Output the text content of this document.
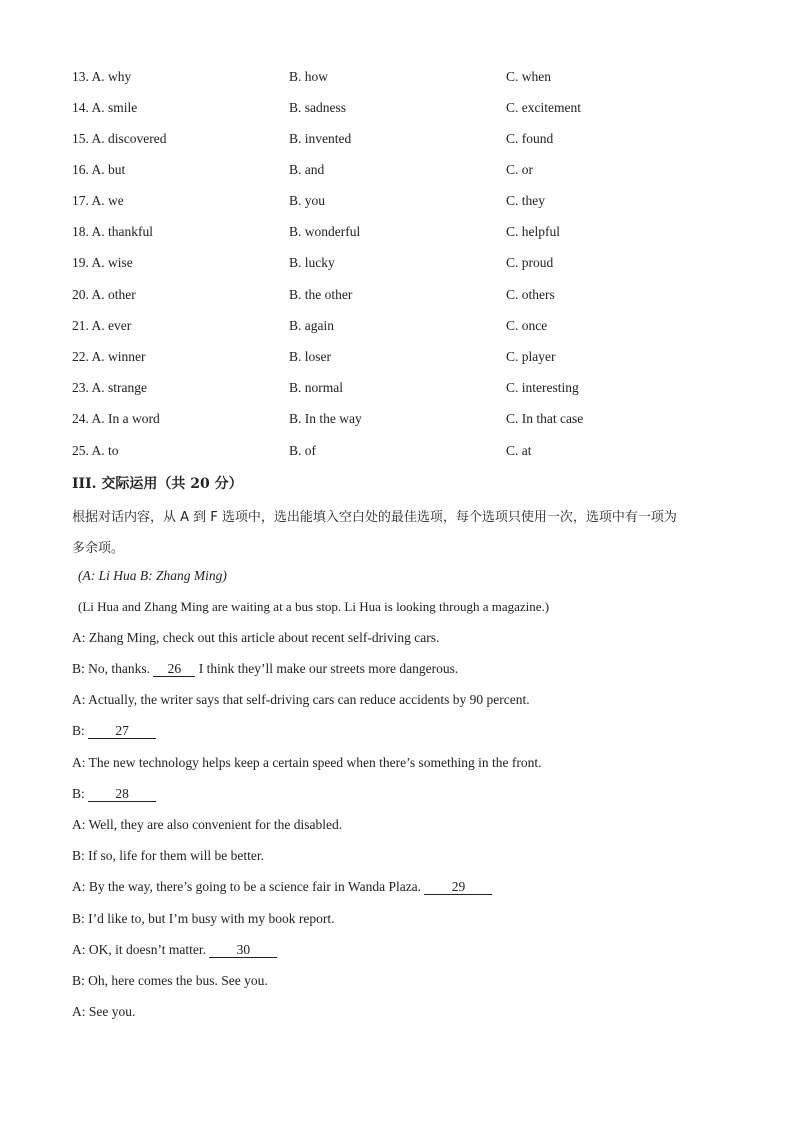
13. A. why	B. how	C. when
14. A. smile	B. sadness	C. excitement
15. A. discovered	B. invented	C. found
16. A. but	B. and	C. or
17. A. we	B. you	C. they
18. A. thankful	B. wonderful	C. helpful
19. A. wise	B. lucky	C. proud
20. A. other	B. the other	C. others
21. A. ever	B. again	C. once
22. A. winner	B. loser	C. player
23. A. strange	B. normal	C. interesting
24. A. In a word	B. In the way	C. In that case
25. A. to	B. of	C. at
III. 交际运用（共 20 分）
根据对话内容，从 A 到 F 选项中，选出能填入空白处的最佳选项，每个选项只使用一次，选项中有一项为
多余项。
(A: Li Hua B: Zhang Ming)
(Li Hua and Zhang Ming are waiting at a bus stop. Li Hua is looking through a magazine.)
A: Zhang Ming, check out this article about recent self-driving cars.
B: No, thanks. 26 I think they’ll make our streets more dangerous.
A: Actually, the writer says that self-driving cars can reduce accidents by 90 percent.
B: 27
A: The new technology helps keep a certain speed when there’s something in the front.
B: 28
A: Well, they are also convenient for the disabled.
B: If so, life for them will be better.
A: By the way, there’s going to be a science fair in Wanda Plaza. 29
B: I’d like to, but I’m busy with my book report.
A: OK, it doesn’t matter. 30
B: Oh, here comes the bus. See you.
A: See you.
